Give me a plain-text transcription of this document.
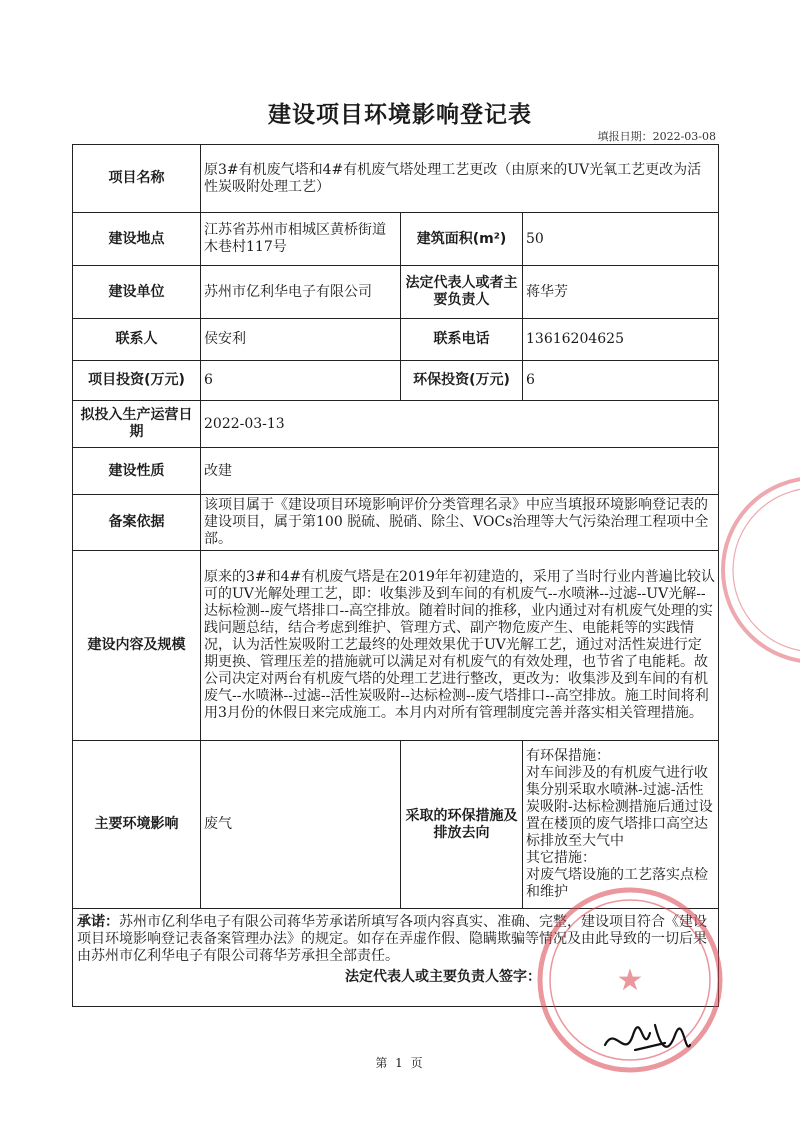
建设项目环境影响登记表
填报日期：2022-03-08
项目名称	原3#有机废气塔和4#有机废气塔处理工艺更改（由原来的UV光氧工艺更改为活性炭吸附处理工艺）		
建设地点	江苏省苏州市相城区黄桥街道木巷村117号	建筑面积(m²)	50
建设单位	苏州市亿利华电子有限公司	法定代表人或者主要负责人	蒋华芳
联系人	侯安利	联系电话	13616204625
项目投资(万元)	6	环保投资(万元)	6
拟投入生产运营日期	2022-03-13		
建设性质	改建		
备案依据	该项目属于《建设项目环境影响评价分类管理名录》中应当填报环境影响登记表的建设项目，属于第100 脱硫、脱硝、除尘、VOCs治理等大气污染治理工程项中全部。		
建设内容及规模	原来的3#和4#有机废气塔是在2019年年初建造的，采用了当时行业内普遍比较认可的UV光解处理工艺，即：收集涉及到车间的有机废气--水喷淋--过滤--UV光解--达标检测--废气塔排口--高空排放。随着时间的推移，业内通过对有机废气处理的实践问题总结，结合考虑到维护、管理方式、副产物危废产生、电能耗等的实践情况，认为活性炭吸附工艺最终的处理效果优于UV光解工艺，通过对活性炭进行定期更换、管理压差的措施就可以满足对有机废气的有效处理，也节省了电能耗。故公司决定对两台有机废气塔的处理工艺进行整改，更改为：收集涉及到车间的有机废气--水喷淋--过滤--活性炭吸附--达标检测--废气塔排口--高空排放。施工时间将利用3月份的休假日来完成施工。本月内对所有管理制度完善并落实相关管理措施。		
主要环境影响	废气	采取的环保措施及排放去向	有环保措施：
对车间涉及的有机废气进行收集分别采取水喷淋-过滤-活性炭吸附-达标检测措施后通过设置在楼顶的废气塔排口高空达标排放至大气中
其它措施：
对废气塔设施的工艺落实点检和维护
承诺：苏州市亿利华电子有限公司蒋华芳承诺所填写各项内容真实、准确、完整，建设项目符合《建设项目环境影响登记表备案管理办法》的规定。如存在弄虚作假、隐瞒欺骗等情况及由此导致的一切后果由苏州市亿利华电子有限公司蒋华芳承担全部责任。
法定代表人或主要负责人签字：				★
第 1 页
